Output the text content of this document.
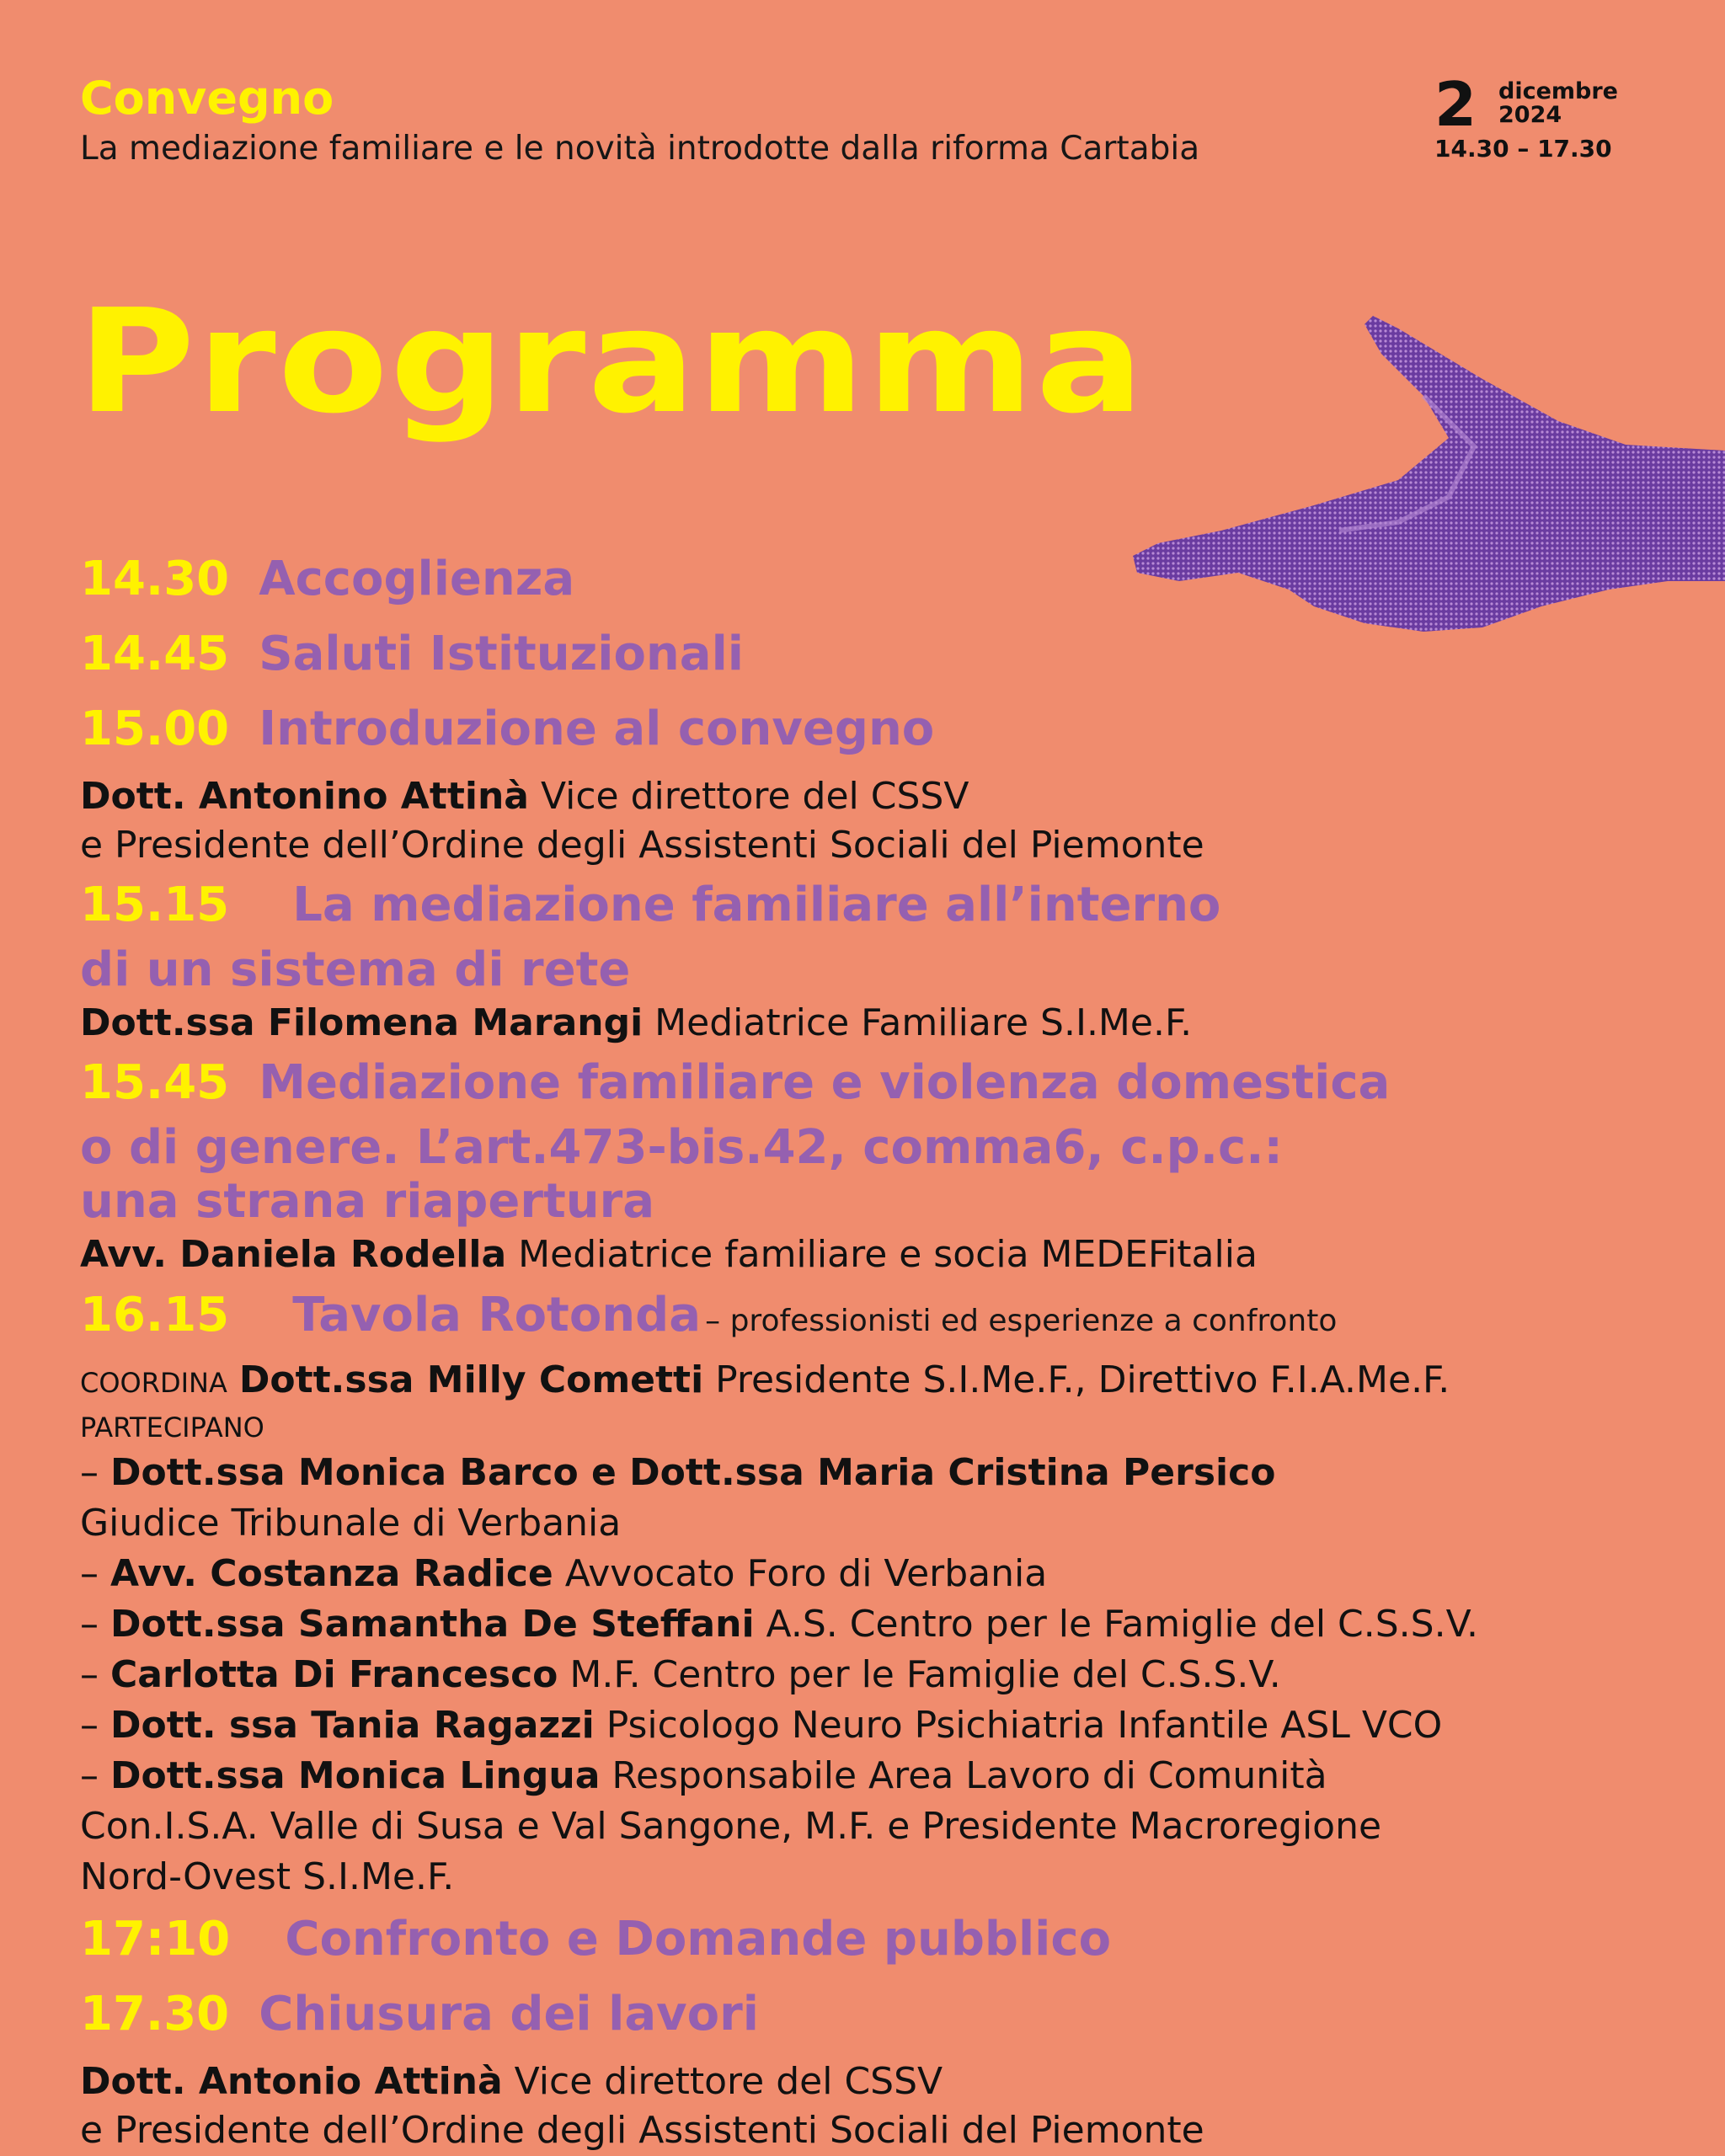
Convegno
La mediazione familiare e le novità introdotte dalla riforma Cartabia
2 dicembre
2024
14.30 – 17.30
Programma
14.30 Accoglienza
14.45 Saluti Istituzionali
15.00 Introduzione al convegno
Dott. Antonino Attinà Vice direttore del CSSV
e Presidente dell’Ordine degli Assistenti Sociali del Piemonte
15.15 La mediazione familiare all’interno
di un sistema di rete
Dott.ssa Filomena Marangi Mediatrice Familiare S.I.Me.F.
15.45 Mediazione familiare e violenza domestica
o di genere. L’art.473-bis.42, comma6, c.p.c.:
una strana riapertura
Avv. Daniela Rodella Mediatrice familiare e socia MEDEFitalia
16.15 Tavola Rotonda – professionisti ed esperienze a confronto
COORDINA Dott.ssa Milly Cometti Presidente S.I.Me.F., Direttivo F.I.A.Me.F.
PARTECIPANO
– Dott.ssa Monica Barco e Dott.ssa Maria Cristina Persico
Giudice Tribunale di Verbania
– Avv. Costanza Radice Avvocato Foro di Verbania
– Dott.ssa Samantha De Steffani A.S. Centro per le Famiglie del C.S.S.V.
– Carlotta Di Francesco M.F. Centro per le Famiglie del C.S.S.V.
– Dott. ssa Tania Ragazzi Psicologo Neuro Psichiatria Infantile ASL VCO
– Dott.ssa Monica Lingua Responsabile Area Lavoro di Comunità
Con.I.S.A. Valle di Susa e Val Sangone, M.F. e Presidente Macroregione
Nord-Ovest S.I.Me.F.
17:10 Confronto e Domande pubblico
17.30 Chiusura dei lavori
Dott. Antonio Attinà Vice direttore del CSSV
e Presidente dell’Ordine degli Assistenti Sociali del Piemonte
